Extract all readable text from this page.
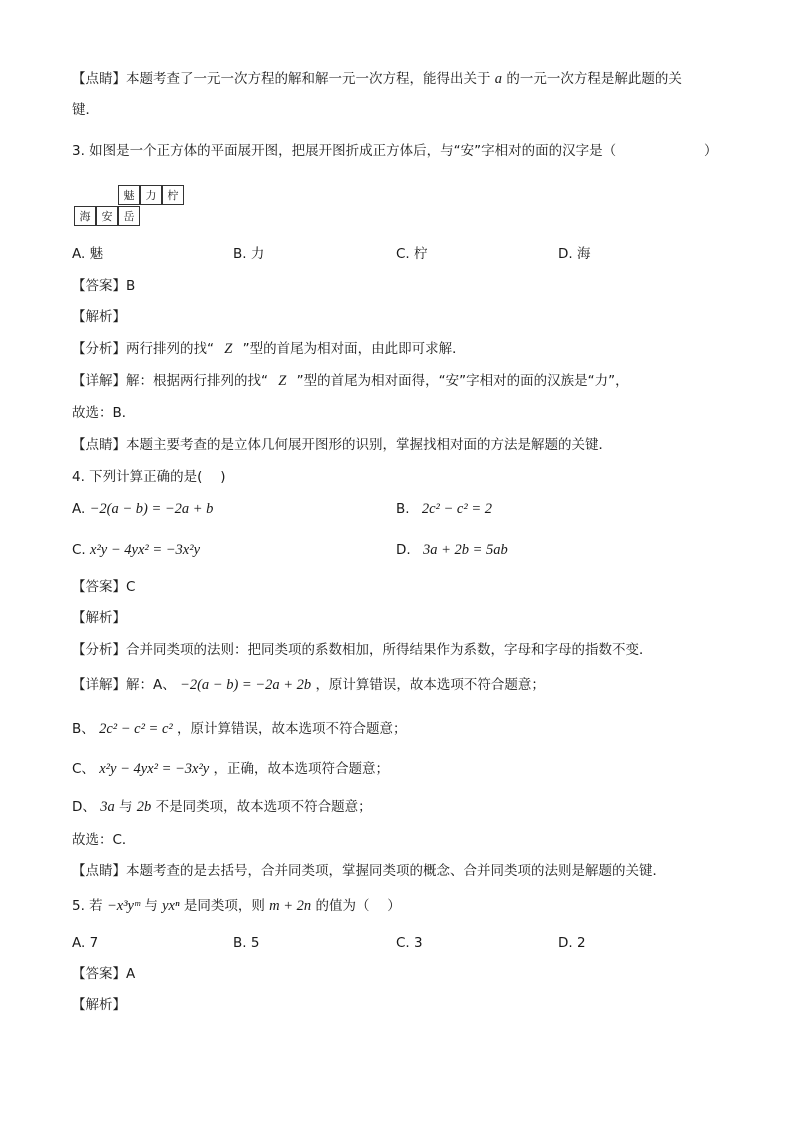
【点睛】本题考查了一元一次方程的解和解一元一次方程，能得出关于 a 的一元一次方程是解此题的关
键．
3. 如图是一个正方体的平面展开图，把展开图折成正方体后，与“安”字相对的面的汉字是（	）
魅	力	柠
海	安	岳
A. 魅	B. 力	C. 柠	D. 海
【答案】B
【解析】
【分析】两行排列的找“ Z ”型的首尾为相对面，由此即可求解．
【详解】解：根据两行排列的找“ Z ”型的首尾为相对面得，“安”字相对的面的汉族是“力”，
故选：B．
【点睛】本题主要考查的是立体几何展开图形的识别，掌握找相对面的方法是解题的关键．
4. 下列计算正确的是(　 )
A. −2(a − b) = −2a + b	B. 2c² − c² = 2
C. x²y − 4yx² = −3x²y	D. 3a + 2b = 5ab
【答案】C
【解析】
【分析】合并同类项的法则：把同类项的系数相加，所得结果作为系数，字母和字母的指数不变．
【详解】解：A、 −2(a − b) = −2a + 2b ，原计算错误，故本选项不符合题意；
B、 2c² − c² = c² ，原计算错误，故本选项不符合题意；
C、 x²y − 4yx² = −3x²y ，正确，故本选项符合题意；
D、 3a 与 2b 不是同类项，故本选项不符合题意；
故选：C．
【点睛】本题考查的是去括号，合并同类项，掌握同类项的概念、合并同类项的法则是解题的关键．
5. 若 −x³yᵐ 与 yxⁿ 是同类项，则 m + 2n 的值为（　 ）
A. 7	B. 5	C. 3	D. 2
【答案】A
【解析】
